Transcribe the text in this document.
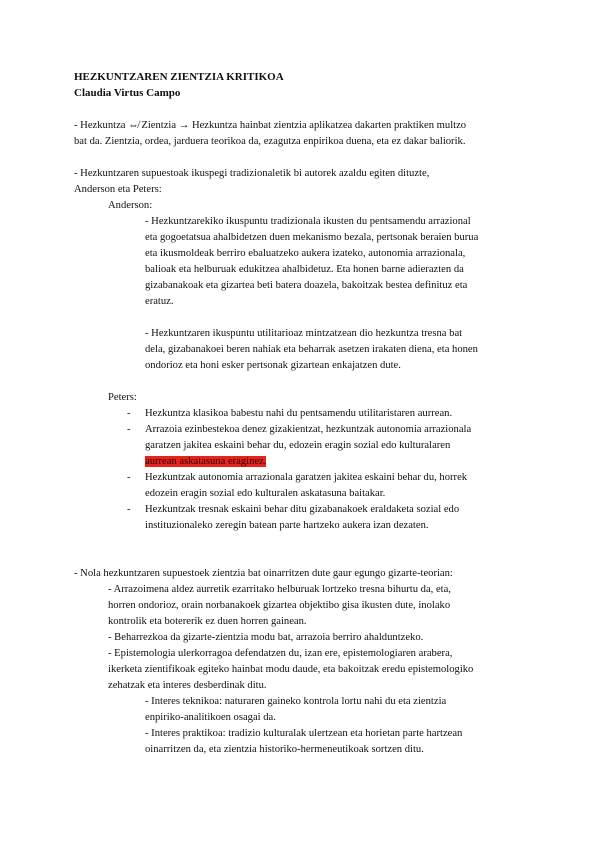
HEZKUNTZAREN ZIENTZIA KRITIKOA
Claudia Virtus Campo
- Hezkuntza ⇎ Zientzia → Hezkuntza hainbat zientzia aplikatzea dakarten praktiken multzo
bat da. Zientzia, ordea, jarduera teorikoa da, ezagutza enpirikoa duena, eta ez dakar baliorik.
- Hezkuntzaren supuestoak ikuspegi tradizionaletik bi autorek azaldu egiten dituzte,
Anderson eta Peters:
Anderson:
- Hezkuntzarekiko ikuspuntu tradizionala ikusten du pentsamendu arrazional
eta gogoetatsua ahalbidetzen duen mekanismo bezala, pertsonak beraien burua
eta ikusmoldeak berriro ebaluatzeko aukera izateko, autonomia arrazionala,
balioak eta helburuak edukitzea ahalbidetuz. Eta honen barne adierazten da
gizabanakoak eta gizartea beti batera doazela, bakoitzak bestea definituz eta
eratuz.
- Hezkuntzaren ikuspuntu utilitarioaz mintzatzean dio hezkuntza tresna bat
dela, gizabanakoei beren nahiak eta beharrak asetzen irakaten diena, eta honen
ondorioz eta honi esker pertsonak gizartean enkajatzen dute.
Peters:
- Hezkuntza klasikoa babestu nahi du pentsamendu utilitaristaren aurrean.
- Arrazoia ezinbestekoa denez gizakientzat, hezkuntzak autonomia arrazionala
garatzen jakitea eskaini behar du, edozein eragin sozial edo kulturalaren
aurrean askatasuna eraginez.
- Hezkuntzak autonomia arrazionala garatzen jakitea eskaini behar du, horrek
edozein eragin sozial edo kulturalen askatasuna baitakar.
- Hezkuntzak tresnak eskaini behar ditu gizabanakoek eraldaketa sozial edo
instituzionaleko zeregin batean parte hartzeko aukera izan dezaten.
- Nola hezkuntzaren supuestoek zientzia bat oinarritzen dute gaur egungo gizarte-teorian:
- Arrazoimena aldez aurretik ezarritako helburuak lortzeko tresna bihurtu da, eta,
horren ondorioz, orain norbanakoek gizartea objektibo gisa ikusten dute, inolako
kontrolik eta botererik ez duen horren gainean.
- Beharrezkoa da gizarte-zientzia modu bat, arrazoia berriro ahalduntzeko.
- Epistemologia ulerkorragoa defendatzen du, izan ere, epistemologiaren arabera,
ikerketa zientifikoak egiteko hainbat modu daude, eta bakoitzak eredu epistemologiko
zehatzak eta interes desberdinak ditu.
- Interes teknikoa: naturaren gaineko kontrola lortu nahi du eta zientzia
enpiriko-analitikoen osagai da.
- Interes praktikoa: tradizio kulturalak ulertzean eta horietan parte hartzean
oinarritzen da, eta zientzia historiko-hermeneutikoak sortzen ditu.
